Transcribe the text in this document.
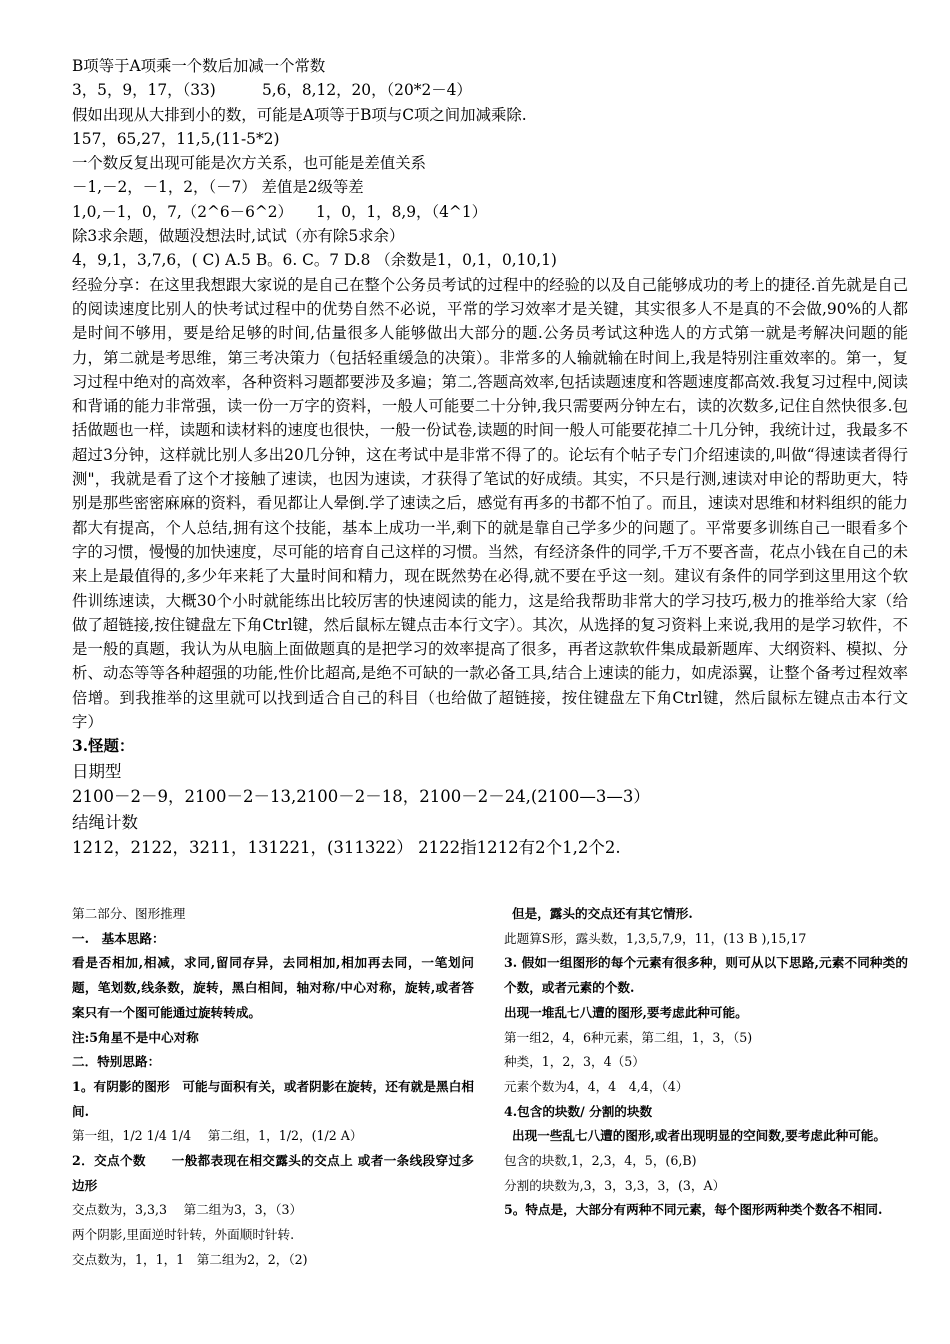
B项等于A项乘一个数后加减一个常数
3，5，9，17，（33)　　　5,6，8,12，20，（20*2－4）
假如出现从大排到小的数，可能是A项等于B项与C项之间加减乘除.
157，65,27，11,5,(11-5*2)
一个数反复出现可能是次方关系，也可能是差值关系
－1,－2，－1，2，（－7） 差值是2级等差
1,0,－1，0，7,（2^6－6^2）　　1，0，1，8,9，（4^1）
除3求余题，做题没想法时,试试（亦有除5求余）
4，9,1，3,7,6，( C) A.5 B。6. C。7 D.8 （余数是1，0,1，0,10,1)
经验分享：在这里我想跟大家说的是自己在整个公务员考试的过程中的经验的以及自己能够成功的考上的捷径.首先就是自己的阅读速度比别人的快考试过程中的优势自然不必说，平常的学习效率才是关键，其实很多人不是真的不会做,90%的人都是时间不够用，要是给足够的时间,估量很多人能够做出大部分的题.公务员考试这种选人的方式第一就是考解决问题的能力，第二就是考思维，第三考决策力（包括轻重缓急的决策）。非常多的人输就输在时间上,我是特别注重效率的。第一，复习过程中绝对的高效率，各种资料习题都要涉及多遍；第二,答题高效率,包括读题速度和答题速度都高效.我复习过程中,阅读和背诵的能力非常强，读一份一万字的资料，一般人可能要二十分钟,我只需要两分钟左右，读的次数多,记住自然快很多.包括做题也一样，读题和读材料的速度也很快，一般一份试卷,读题的时间一般人可能要花掉二十几分钟，我统计过，我最多不超过3分钟，这样就比别人多出20几分钟，这在考试中是非常不得了的。论坛有个帖子专门介绍速读的,叫做“得速读者得行测"，我就是看了这个才接触了速读，也因为速读，才获得了笔试的好成绩。其实，不只是行测,速读对申论的帮助更大，特别是那些密密麻麻的资料，看见都让人晕倒.学了速读之后，感觉有再多的书都不怕了。而且，速读对思维和材料组织的能力都大有提高，个人总结,拥有这个技能，基本上成功一半,剩下的就是靠自己学多少的问题了。平常要多训练自己一眼看多个字的习惯，慢慢的加快速度，尽可能的培育自己这样的习惯。当然，有经济条件的同学,千万不要吝啬，花点小钱在自己的未来上是最值得的,多少年来耗了大量时间和精力，现在既然势在必得,就不要在乎这一刻。建议有条件的同学到这里用这个软件训练速读，大概30个小时就能练出比较厉害的快速阅读的能力，这是给我帮助非常大的学习技巧,极力的推举给大家（给做了超链接,按住键盘左下角Ctrl键，然后鼠标左键点击本行文字）。其次，从选择的复习资料上来说,我用的是学习软件，不是一般的真题，我认为从电脑上面做题真的是把学习的效率提高了很多，再者这款软件集成最新题库、大纲资料、模拟、分析、动态等等各种超强的功能,性价比超高,是绝不可缺的一款必备工具,结合上速读的能力，如虎添翼，让整个备考过程效率倍增。到我推举的这里就可以找到适合自己的科目（也给做了超链接，按住键盘左下角Ctrl键，然后鼠标左键点击本行文字）
3.怪题：
日期型
2100－2－9，2100－2－13,2100－2－18，2100－2－24,(2100—3—3）
结绳计数
1212，2122，3211，131221，(311322） 2122指1212有2个1,2个2.
第二部分、图形推理
一.　基本思路：
看是否相加,相减，求同,留同存异，去同相加,相加再去同，一笔划问题，笔划数,线条数，旋转，黑白相间，轴对称/中心对称，旋转,或者答案只有一个图可能通过旋转转成。
注:5角星不是中心对称
二．特别思路：
1。有阴影的图形　可能与面积有关，或者阴影在旋转，还有就是黑白相间.
第一组，1/2 1/4 1/4　 第二组，1，1/2，(1/2 A）
2．交点个数　　一般都表现在相交露头的交点上 或者一条线段穿过多边形
交点数为，3,3,3　 第二组为3，3，（3）
两个阴影,里面逆时针转，外面顺时针转.
交点数为，1，1，1　第二组为2，2，（2)
但是，露头的交点还有其它情形.
此题算S形，露头数，1,3,5,7,9，11，(13 B ),15,17
3. 假如一组图形的每个元素有很多种，则可从以下思路,元素不同种类的个数，或者元素的个数.
出现一堆乱七八遭的图形,要考虑此种可能。
第一组2，4，6种元素，第二组，1，3，（5)
种类，1，2，3，4（5）
元素个数为4，4，4　4,4，（4）
4.包含的块数/ 分割的块数
出现一些乱七八遭的图形,或者出现明显的空间数,要考虑此种可能。
包含的块数,1，2,3，4，5，(6,B)
分割的块数为,3，3，3,3，3，(3，A）
5。特点是，大部分有两种不同元素，每个图形两种类个数各不相同.
